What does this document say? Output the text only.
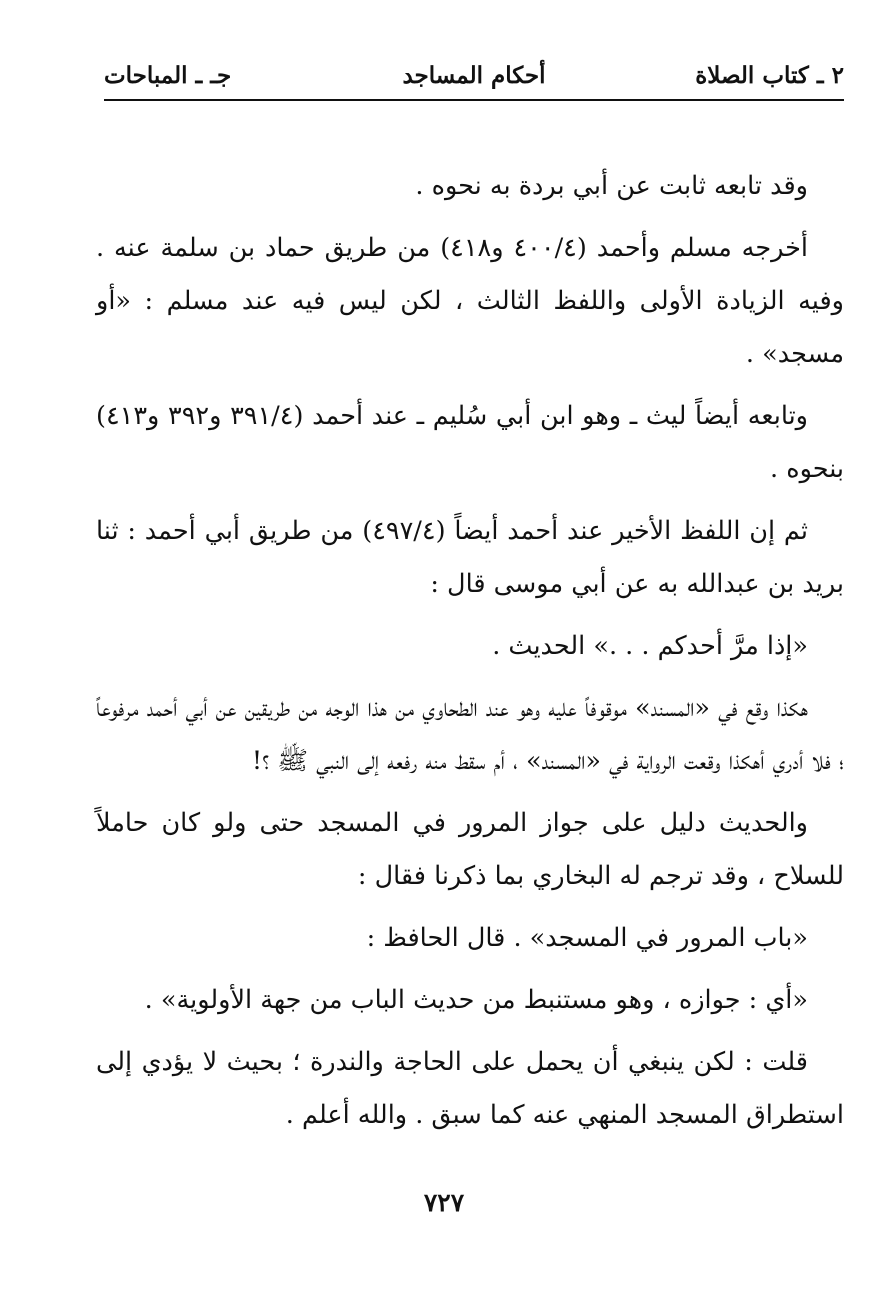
٢ ـ كتاب الصلاة
أحكام المساجد
جـ ـ المباحات

وقد تابعه ثابت عن أبي بردة به نحوه .

أخرجه مسلم وأحمد (٤٠٠/٤ و٤١٨) من طريق حماد بن سلمة عنه . وفيه الزيادة الأولى واللفظ الثالث ، لكن ليس فيه عند مسلم : «أو مسجد» .

وتابعه أيضاً ليث ـ وهو ابن أبي سُليم ـ عند أحمد (٣٩١/٤ و٣٩٢ و٤١٣) بنحوه .

ثم إن اللفظ الأخير عند أحمد أيضاً (٤٩٧/٤) من طريق أبي أحمد : ثنا بريد بن عبدالله به عن أبي موسى قال :

«إذا مرَّ أحدكم . . .» الحديث .

هكذا وقع في «المسند» موقوفاً عليه وهو عند الطحاوي من هذا الوجه من طريقين عن أبي أحمد مرفوعاً ؛ فلا أدري أهكذا وقعت الرواية في «المسند» ، أم سقط منه رفعه إلى النبي ﷺ ؟!

والحديث دليل على جواز المرور في المسجد حتى ولو كان حاملاً للسلاح ، وقد ترجم له البخاري بما ذكرنا فقال :

«باب المرور في المسجد» . قال الحافظ :

«أي : جوازه ، وهو مستنبط من حديث الباب من جهة الأولوية» .

قلت : لكن ينبغي أن يحمل على الحاجة والندرة ؛ بحيث لا يؤدي إلى استطراق المسجد المنهي عنه كما سبق . والله أعلم .

٧٢٧
